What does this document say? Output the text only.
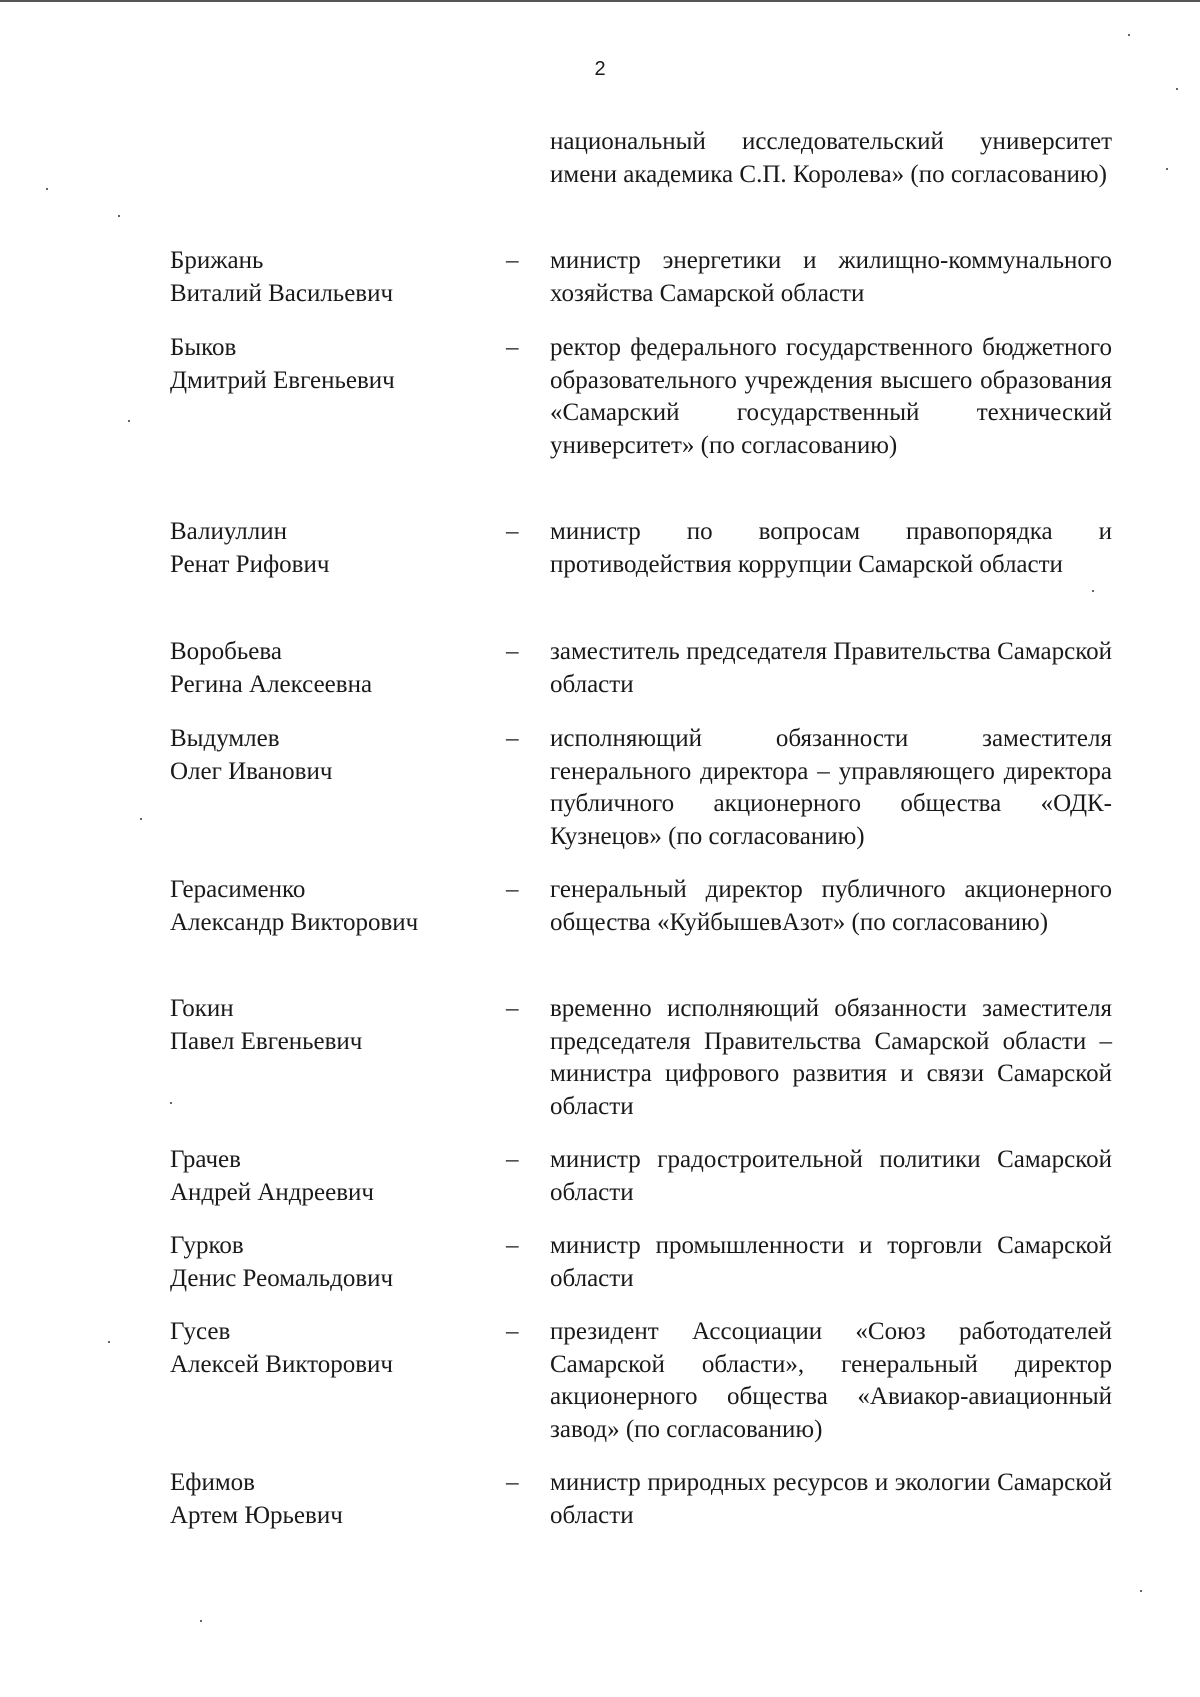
2
национальный исследовательский университет имени академика С.П. Королева» (по согласованию)
Брижань
Виталий Васильевич
–	министр энергетики и жилищно-коммунального хозяйства Самарской области
Быков
Дмитрий Евгеньевич
–	ректор федерального государственного бюджетного образовательного учреждения высшего образования «Самарский государственный технический университет» (по согласованию)
Валиуллин
Ренат Рифович
–	министр по вопросам правопорядка и противодействия коррупции Самарской области
Воробьева
Регина Алексеевна
–	заместитель председателя Правительства Самарской области
Выдумлев
Олег Иванович
–	исполняющий обязанности заместителя генерального директора – управляющего директора публичного акционерного общества «ОДК-Кузнецов» (по согласованию)
Герасименко
Александр Викторович
–	генеральный директор публичного акционерного общества «КуйбышевАзот» (по согласованию)
Гокин
Павел Евгеньевич
–	временно исполняющий обязанности заместителя председателя Правительства Самарской области – министра цифрового развития и связи Самарской области
Грачев
Андрей Андреевич
–	министр градостроительной политики Самарской области
Гурков
Денис Реомальдович
–	министр промышленности и торговли Самарской области
Гусев
Алексей Викторович
–	президент Ассоциации «Союз работодателей Самарской области», генеральный директор акционерного общества «Авиакор-авиационный завод» (по согласованию)
Ефимов
Артем Юрьевич
–	министр природных ресурсов и экологии Самарской области
